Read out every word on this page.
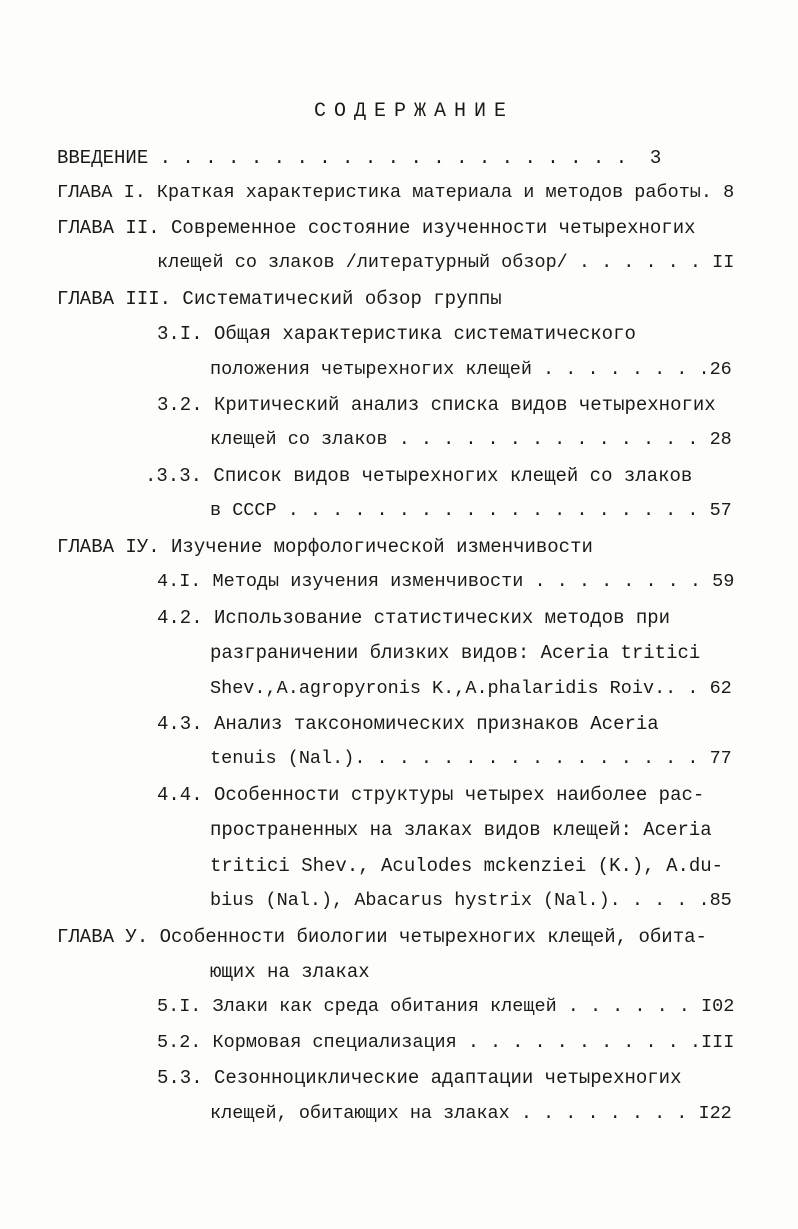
СОДЕРЖАНИЕ
ВВЕДЕНИЕ . . . . . . . . . . . . . . . . . . . . .  3
ГЛАВА I. Краткая характеристика материала и методов работы. 8
ГЛАВА II. Современное состояние изученности четырехногих
клещей со злаков /литературный обзор/ . . . . . . II
ГЛАВА III. Систематический обзор группы
3.I. Общая характеристика систематического
положения четырехногих клещей . . . . . . . .26
3.2. Критический анализ списка видов четырехногих
клещей со злаков . . . . . . . . . . . . . . 28
.3.3. Список видов четырехногих клещей со злаков
в СССР . . . . . . . . . . . . . . . . . . . 57
ГЛАВА IУ. Изучение морфологической изменчивости
4.I. Методы изучения изменчивости . . . . . . . . 59
4.2. Использование статистических методов при
разграничении близких видов: Aceria tritici
Shev.,A.agropyronis K.,A.phalaridis Roiv.. . 62
4.3. Анализ таксономических признаков Aceria
tenuis (Nal.). . . . . . . . . . . . . . . . 77
4.4. Особенности структуры четырех наиболее рас-
пространенных на злаках видов клещей: Aceria
tritici Shev., Aculodes mckenziei (K.), A.du-
bius (Nal.), Abacarus hystrix (Nal.). . . . .85
ГЛАВА У. Особенности биологии четырехногих клещей, обита-
ющих на злаках
5.I. Злаки как среда обитания клещей . . . . . . I02
5.2. Кормовая специализация . . . . . . . . . . .III
5.3. Сезонноциклические адаптации четырехногих
клещей, обитающих на злаках . . . . . . . . I22
